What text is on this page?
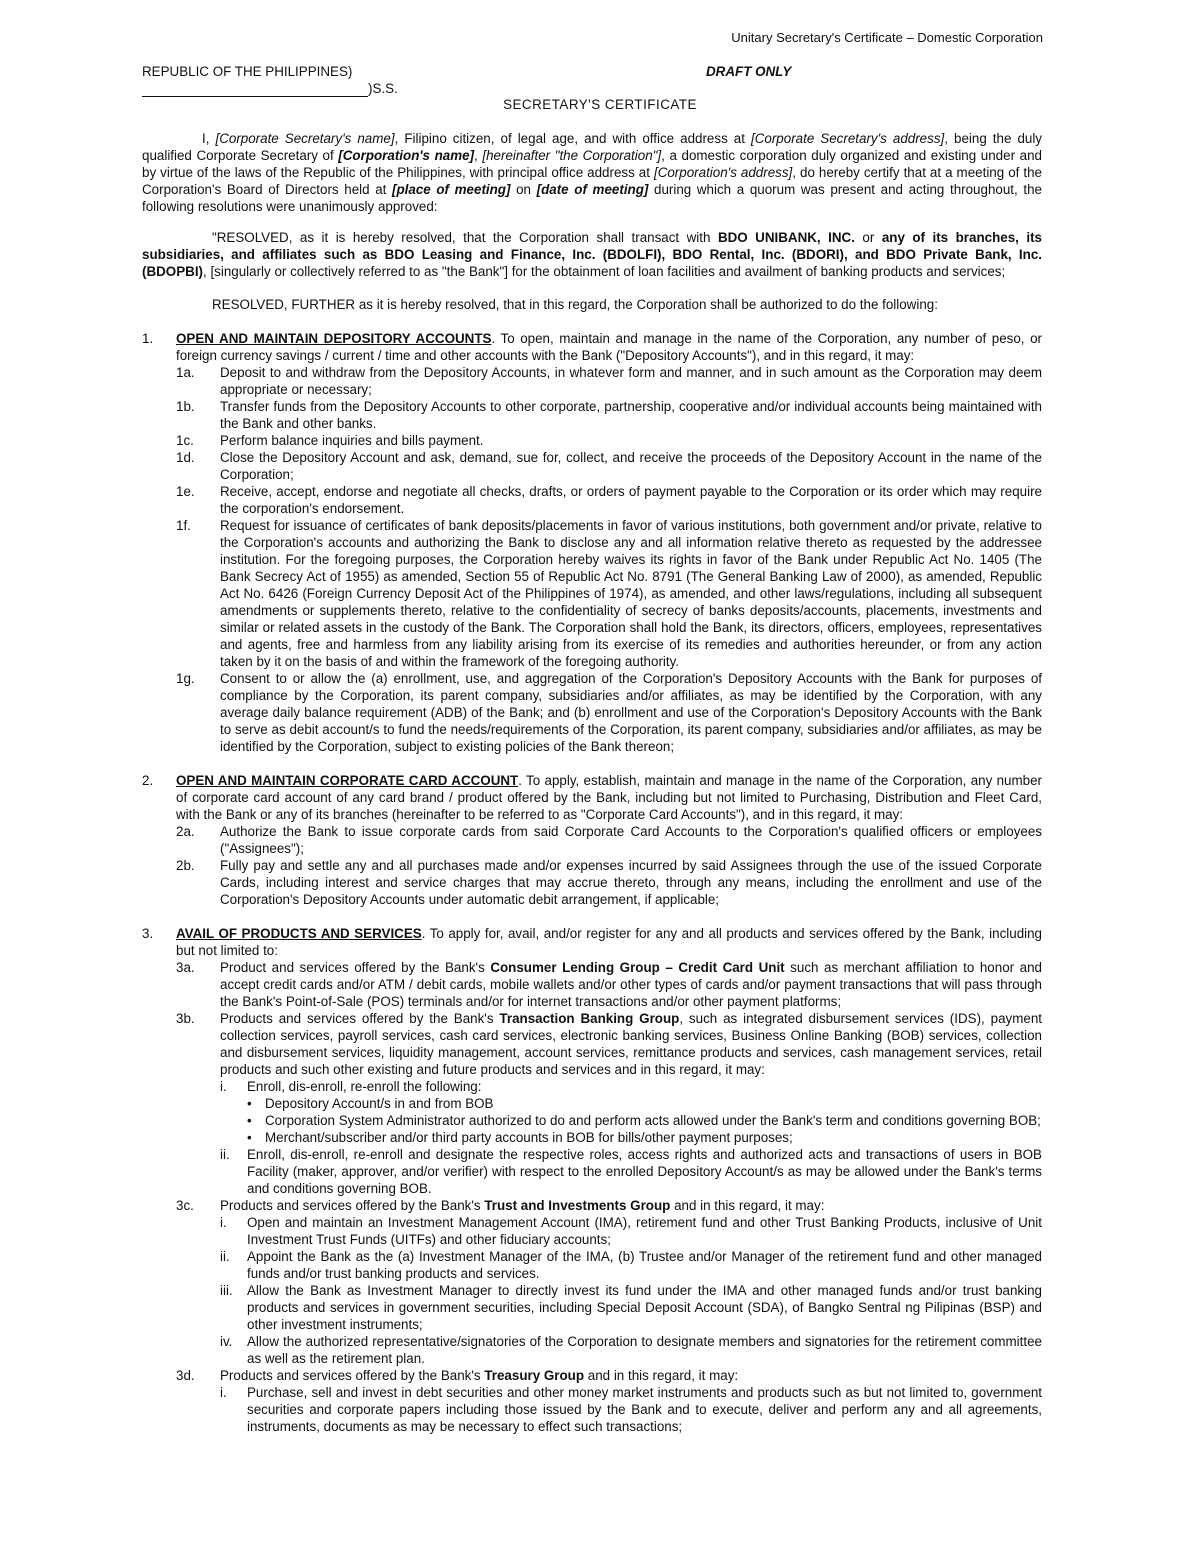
Unitary Secretary's Certificate – Domestic Corporation
REPUBLIC OF THE PHILIPPINES)	DRAFT ONLY
)S.S.
SECRETARY'S CERTIFICATE

I, [Corporate Secretary's name], Filipino citizen, of legal age, and with office address at [Corporate Secretary's address], being the duly qualified Corporate Secretary of [Corporation's name], [hereinafter "the Corporation"], a domestic corporation duly organized and existing under and by virtue of the laws of the Republic of the Philippines, with principal office address at [Corporation's address], do hereby certify that at a meeting of the Corporation's Board of Directors held at [place of meeting] on [date of meeting] during which a quorum was present and acting throughout, the following resolutions were unanimously approved:

"RESOLVED, as it is hereby resolved, that the Corporation shall transact with BDO UNIBANK, INC. or any of its branches, its subsidiaries, and affiliates such as BDO Leasing and Finance, Inc. (BDOLFI), BDO Rental, Inc. (BDORI), and BDO Private Bank, Inc. (BDOPBI), [singularly or collectively referred to as "the Bank"] for the obtainment of loan facilities and availment of banking products and services;

RESOLVED, FURTHER as it is hereby resolved, that in this regard, the Corporation shall be authorized to do the following:

1.	OPEN AND MAINTAIN DEPOSITORY ACCOUNTS. To open, maintain and manage in the name of the Corporation, any number of peso, or foreign currency savings / current / time and other accounts with the Bank ("Depository Accounts"), and in this regard, it may:

1a.	Deposit to and withdraw from the Depository Accounts, in whatever form and manner, and in such amount as the Corporation may deem appropriate or necessary;

1b.	Transfer funds from the Depository Accounts to other corporate, partnership, cooperative and/or individual accounts being maintained with the Bank and other banks.

1c.	Perform balance inquiries and bills payment.

1d.	Close the Depository Account and ask, demand, sue for, collect, and receive the proceeds of the Depository Account in the name of the Corporation;

1e.	Receive, accept, endorse and negotiate all checks, drafts, or orders of payment payable to the Corporation or its order which may require the corporation's endorsement.

1f.	Request for issuance of certificates of bank deposits/placements in favor of various institutions, both government and/or private, relative to the Corporation's accounts and authorizing the Bank to disclose any and all information relative thereto as requested by the addressee institution. For the foregoing purposes, the Corporation hereby waives its rights in favor of the Bank under Republic Act No. 1405 (The Bank Secrecy Act of 1955) as amended, Section 55 of Republic Act No. 8791 (The General Banking Law of 2000), as amended, Republic Act No. 6426 (Foreign Currency Deposit Act of the Philippines of 1974), as amended, and other laws/regulations, including all subsequent amendments or supplements thereto, relative to the confidentiality of secrecy of banks deposits/accounts, placements, investments and similar or related assets in the custody of the Bank. The Corporation shall hold the Bank, its directors, officers, employees, representatives and agents, free and harmless from any liability arising from its exercise of its remedies and authorities hereunder, or from any action taken by it on the basis of and within the framework of the foregoing authority.

1g.	Consent to or allow the (a) enrollment, use, and aggregation of the Corporation's Depository Accounts with the Bank for purposes of compliance by the Corporation, its parent company, subsidiaries and/or affiliates, as may be identified by the Corporation, with any average daily balance requirement (ADB) of the Bank; and (b) enrollment and use of the Corporation's Depository Accounts with the Bank to serve as debit account/s to fund the needs/requirements of the Corporation, its parent company, subsidiaries and/or affiliates, as may be identified by the Corporation, subject to existing policies of the Bank thereon;

2.	OPEN AND MAINTAIN CORPORATE CARD ACCOUNT. To apply, establish, maintain and manage in the name of the Corporation, any number of corporate card account of any card brand / product offered by the Bank, including but not limited to Purchasing, Distribution and Fleet Card, with the Bank or any of its branches (hereinafter to be referred to as "Corporate Card Accounts"), and in this regard, it may:

2a.	Authorize the Bank to issue corporate cards from said Corporate Card Accounts to the Corporation's qualified officers or employees ("Assignees");

2b.	Fully pay and settle any and all purchases made and/or expenses incurred by said Assignees through the use of the issued Corporate Cards, including interest and service charges that may accrue thereto, through any means, including the enrollment and use of the Corporation's Depository Accounts under automatic debit arrangement, if applicable;

3.	AVAIL OF PRODUCTS AND SERVICES. To apply for, avail, and/or register for any and all products and services offered by the Bank, including but not limited to:

3a.	Product and services offered by the Bank's Consumer Lending Group – Credit Card Unit such as merchant affiliation to honor and accept credit cards and/or ATM / debit cards, mobile wallets and/or other types of cards and/or payment transactions that will pass through the Bank's Point-of-Sale (POS) terminals and/or for internet transactions and/or other payment platforms;

3b.	Products and services offered by the Bank's Transaction Banking Group, such as integrated disbursement services (IDS), payment collection services, payroll services, cash card services, electronic banking services, Business Online Banking (BOB) services, collection and disbursement services, liquidity management, account services, remittance products and services, cash management services, retail products and such other existing and future products and services and in this regard, it may:

i.	Enroll, dis-enroll, re-enroll the following:

• Depository Account/s in and from BOB

• Corporation System Administrator authorized to do and perform acts allowed under the Bank's term and conditions governing BOB;

• Merchant/subscriber and/or third party accounts in BOB for bills/other payment purposes;

ii.	Enroll, dis-enroll, re-enroll and designate the respective roles, access rights and authorized acts and transactions of users in BOB Facility (maker, approver, and/or verifier) with respect to the enrolled Depository Account/s as may be allowed under the Bank's terms and conditions governing BOB.

3c.	Products and services offered by the Bank's Trust and Investments Group and in this regard, it may:

i.	Open and maintain an Investment Management Account (IMA), retirement fund and other Trust Banking Products, inclusive of Unit Investment Trust Funds (UITFs) and other fiduciary accounts;

ii.	Appoint the Bank as the (a) Investment Manager of the IMA, (b) Trustee and/or Manager of the retirement fund and other managed funds and/or trust banking products and services.

iii.	Allow the Bank as Investment Manager to directly invest its fund under the IMA and other managed funds and/or trust banking products and services in government securities, including Special Deposit Account (SDA), of Bangko Sentral ng Pilipinas (BSP) and other investment instruments;

iv.	Allow the authorized representative/signatories of the Corporation to designate members and signatories for the retirement committee as well as the retirement plan.

3d.	Products and services offered by the Bank's Treasury Group and in this regard, it may:

i.	Purchase, sell and invest in debt securities and other money market instruments and products such as but not limited to, government securities and corporate papers including those issued by the Bank and to execute, deliver and perform any and all agreements, instruments, documents as may be necessary to effect such transactions;
